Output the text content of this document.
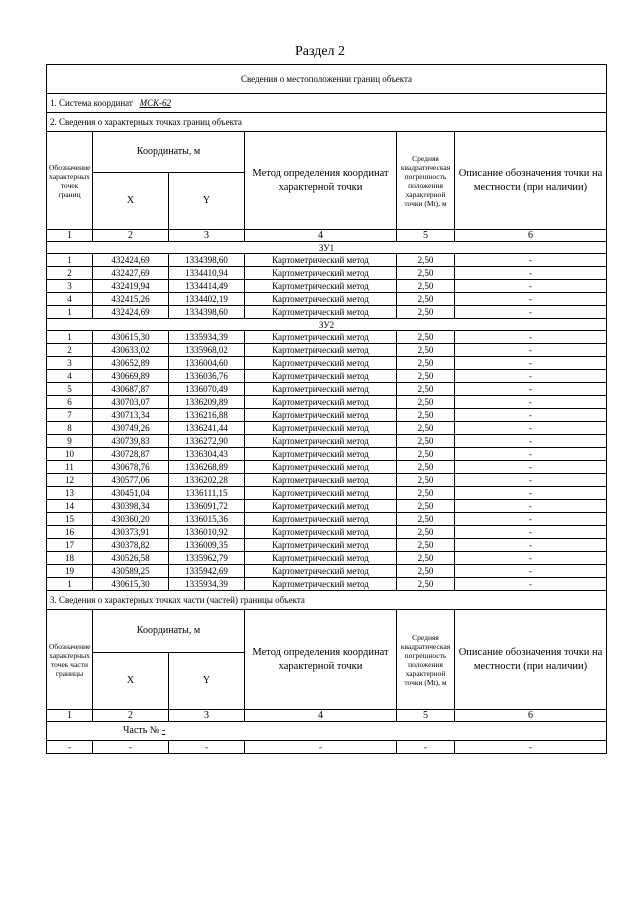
Раздел 2
Сведения о местоположении границ объекта					
1. Система координат МСК-62					
2. Сведения о характерных точках границ объекта					
Обозначение характерных точек границ	Координаты, м		Метод определения координат характерной точки	Средняя квадратическая погрешность положения характерной точки (Mt), м	Описание обозначения точки на местности (при наличии)
	X	Y			
1	2	3	4	5	6
ЗУ1					
1	432424,69	1334398,60	Картометрический метод	2,50	-
2	432427,69	1334410,94	Картометрический метод	2,50	-
3	432419,94	1334414,49	Картометрический метод	2,50	-
4	432415,26	1334402,19	Картометрический метод	2,50	-
1	432424,69	1334398,60	Картометрический метод	2,50	-
ЗУ2					
1	430615,30	1335934,39	Картометрический метод	2,50	-
2	430633,02	1335968,02	Картометрический метод	2,50	-
3	430652,89	1336004,60	Картометрический метод	2,50	-
4	430669,89	1336036,76	Картометрический метод	2,50	-
5	430687,87	1336070,49	Картометрический метод	2,50	-
6	430703,07	1336209,89	Картометрический метод	2,50	-
7	430713,34	1336216,88	Картометрический метод	2,50	-
8	430749,26	1336241,44	Картометрический метод	2,50	-
9	430739,83	1336272,90	Картометрический метод	2,50	-
10	430728,87	1336304,43	Картометрический метод	2,50	-
11	430678,76	1336268,89	Картометрический метод	2,50	-
12	430577,06	1336202,28	Картометрический метод	2,50	-
13	430451,04	1336111,15	Картометрический метод	2,50	-
14	430398,34	1336091,72	Картометрический метод	2,50	-
15	430360,20	1336015,36	Картометрический метод	2,50	-
16	430373,91	1336010,92	Картометрический метод	2,50	-
17	430378,82	1336009,35	Картометрический метод	2,50	-
18	430526,58	1335962,79	Картометрический метод	2,50	-
19	430589,25	1335942,69	Картометрический метод	2,50	-
1	430615,30	1335934,39	Картометрический метод	2,50	-
3. Сведения о характерных точках части (частей) границы объекта					
Обозначение характерных точек части границы	Координаты, м		Метод определения координат характерной точки	Средняя квадратическая погрешность положения характерной точки (Mt), м	Описание обозначения точки на местности (при наличии)
	X	Y			
1	2	3	4	5	6
Часть № -					
-	-	-	-	-	-
